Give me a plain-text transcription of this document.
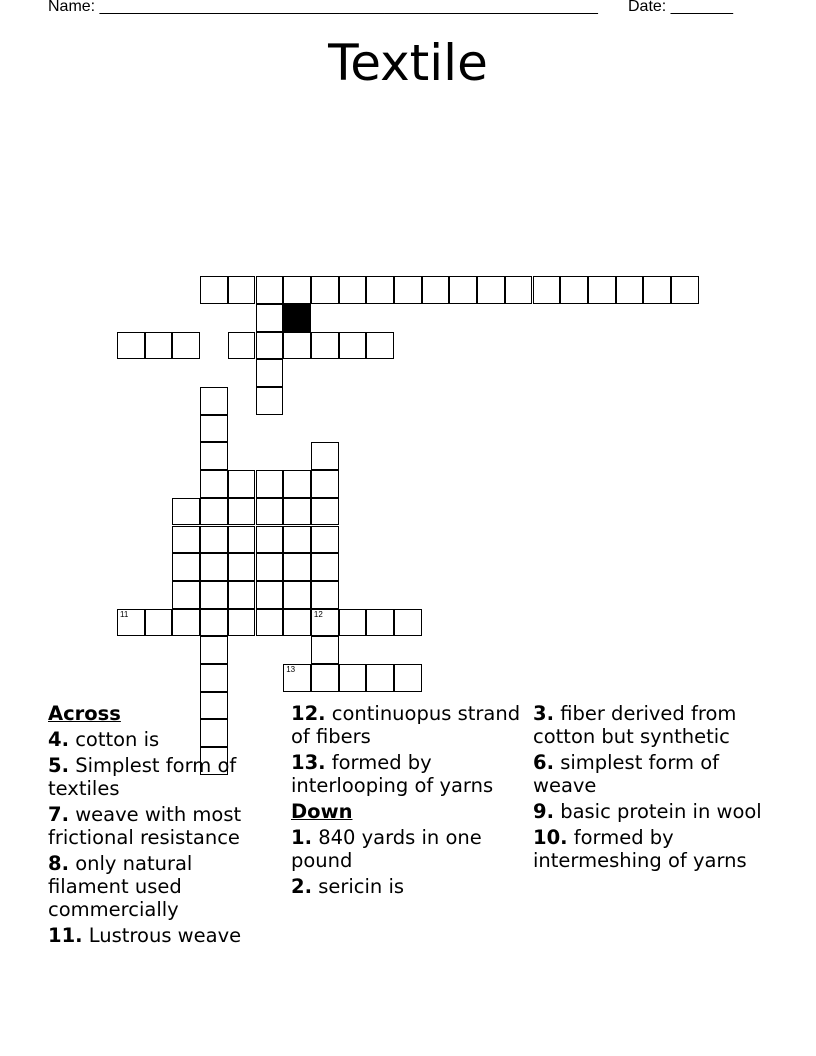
Name: ________________________________________________________ Date: _______
Textile
11	12
13
Across
4. cotton is
5. Simplest form of textiles
7. weave with most frictional resistance
8. only natural filament used commercially
11. Lustrous weave
12. continuopus strand of fibers
13. formed by interlooping of yarns
Down
1. 840 yards in one pound
2. sericin is
3. fiber derived from cotton but synthetic
6. simplest form of weave
9. basic protein in wool
10. formed by intermeshing of yarns
